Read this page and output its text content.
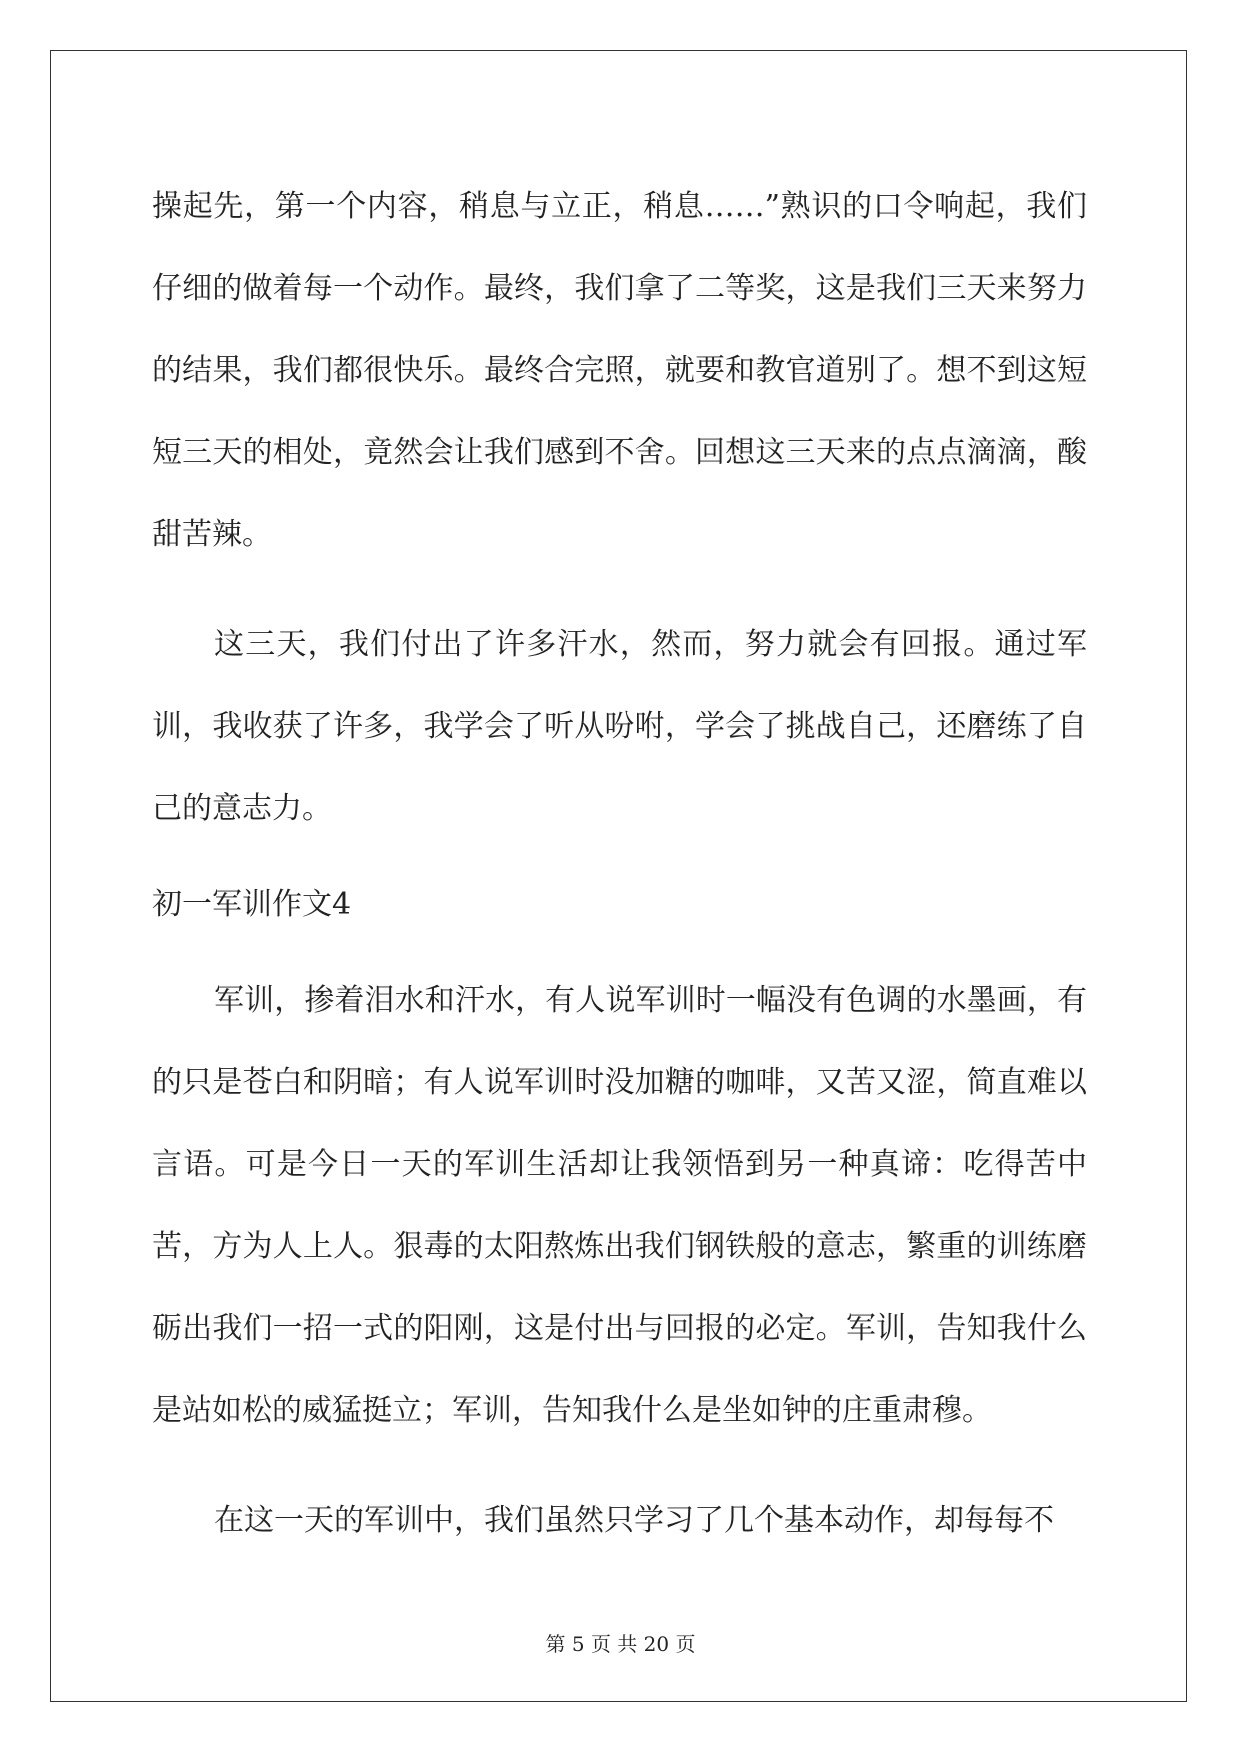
操起先，第一个内容，稍息与立正，稍息……”熟识的口令响起，我们仔细的做着每一个动作。最终，我们拿了二等奖，这是我们三天来努力的结果，我们都很快乐。最终合完照，就要和教官道别了。想不到这短短三天的相处，竟然会让我们感到不舍。回想这三天来的点点滴滴，酸甜苦辣。

这三天，我们付出了许多汗水，然而，努力就会有回报。通过军训，我收获了许多，我学会了听从吩咐，学会了挑战自己，还磨练了自己的意志力。

初一军训作文4

军训，掺着泪水和汗水，有人说军训时一幅没有色调的水墨画，有的只是苍白和阴暗；有人说军训时没加糖的咖啡，又苦又涩，简直难以言语。可是今日一天的军训生活却让我领悟到另一种真谛：吃得苦中苦，方为人上人。狠毒的太阳熬炼出我们钢铁般的意志，繁重的训练磨砺出我们一招一式的阳刚，这是付出与回报的必定。军训，告知我什么是站如松的威猛挺立；军训，告知我什么是坐如钟的庄重肃穆。

在这一天的军训中，我们虽然只学习了几个基本动作，却每每不

第 5 页 共 20 页
